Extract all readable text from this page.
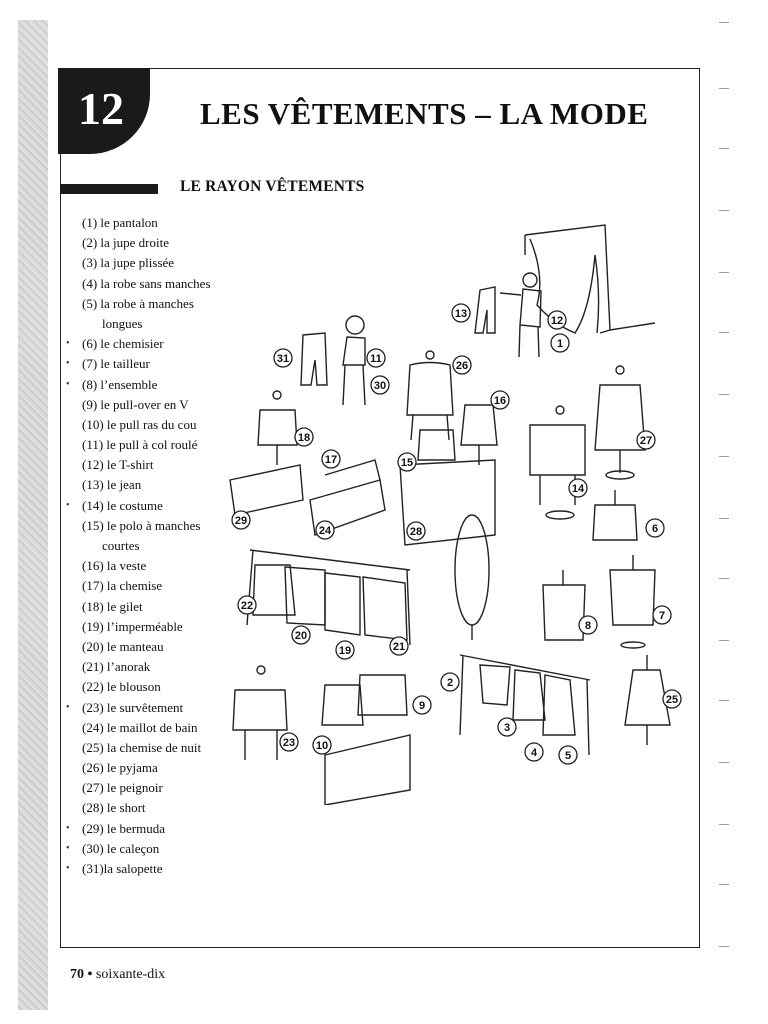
12 LES VÊTEMENTS – LA MODE
LE RAYON VÊTEMENTS
(1) le pantalon
(2) la jupe droite
(3) la jupe plissée
(4) la robe sans manches
(5) la robe à manches
longues
• (6) le chemisier
• (7) le tailleur
• (8) l’ensemble
(9) le pull-over en V
(10) le pull ras du cou
(11) le pull à col roulé
(12) le T-shirt
(13) le jean
• (14) le costume
(15) le polo à manches
courtes
(16) la veste
(17) la chemise
(18) le gilet
(19) l’imperméable
(20) le manteau
(21) l’anorak
(22) le blouson
• (23) le survêtement
(24) le maillot de bain
(25) la chemise de nuit
(26) le pyjama
(27) le peignoir
(28) le short
• (29) le bermuda
• (30) le caleçon
• (31)la salopette
1
2
3
4	5
6
7
8
9
10
11
12
13
14
15
16
17
18
19
20
21
22
23
24
25
26
27
28
29
30
31
70 • soixante-dix
